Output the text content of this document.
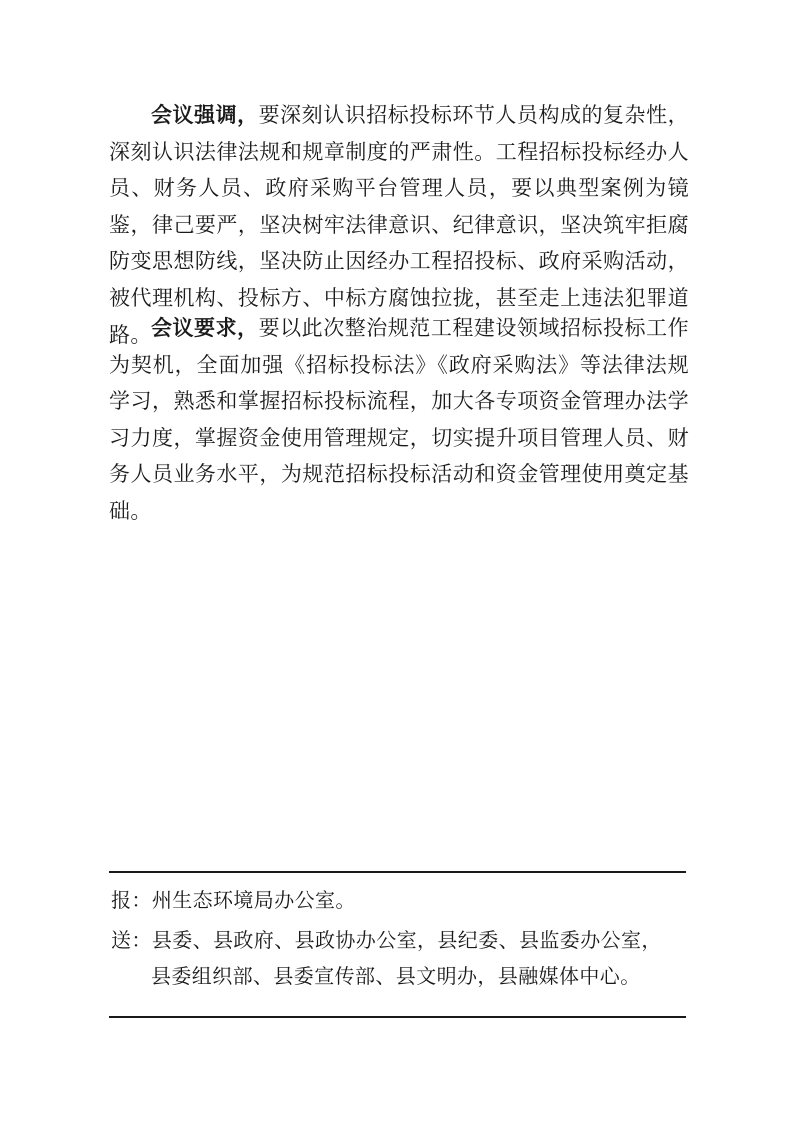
会议强调，要深刻认识招标投标环节人员构成的复杂性，深刻认识法律法规和规章制度的严肃性。工程招标投标经办人员、财务人员、政府采购平台管理人员，要以典型案例为镜鉴，律己要严，坚决树牢法律意识、纪律意识，坚决筑牢拒腐防变思想防线，坚决防止因经办工程招投标、政府采购活动，被代理机构、投标方、中标方腐蚀拉拢，甚至走上违法犯罪道路。 会议要求，要以此次整治规范工程建设领域招标投标工作为契机，全面加强《招标投标法》《政府采购法》等法律法规学习，熟悉和掌握招标投标流程，加大各专项资金管理办法学习力度，掌握资金使用管理规定，切实提升项目管理人员、财务人员业务水平，为规范招标投标活动和资金管理使用奠定基础。

报：州生态环境局办公室。

送：县委、县政府、县政协办公室，县纪委、县监委办公室，
县委组织部、县委宣传部、县文明办，县融媒体中心。
